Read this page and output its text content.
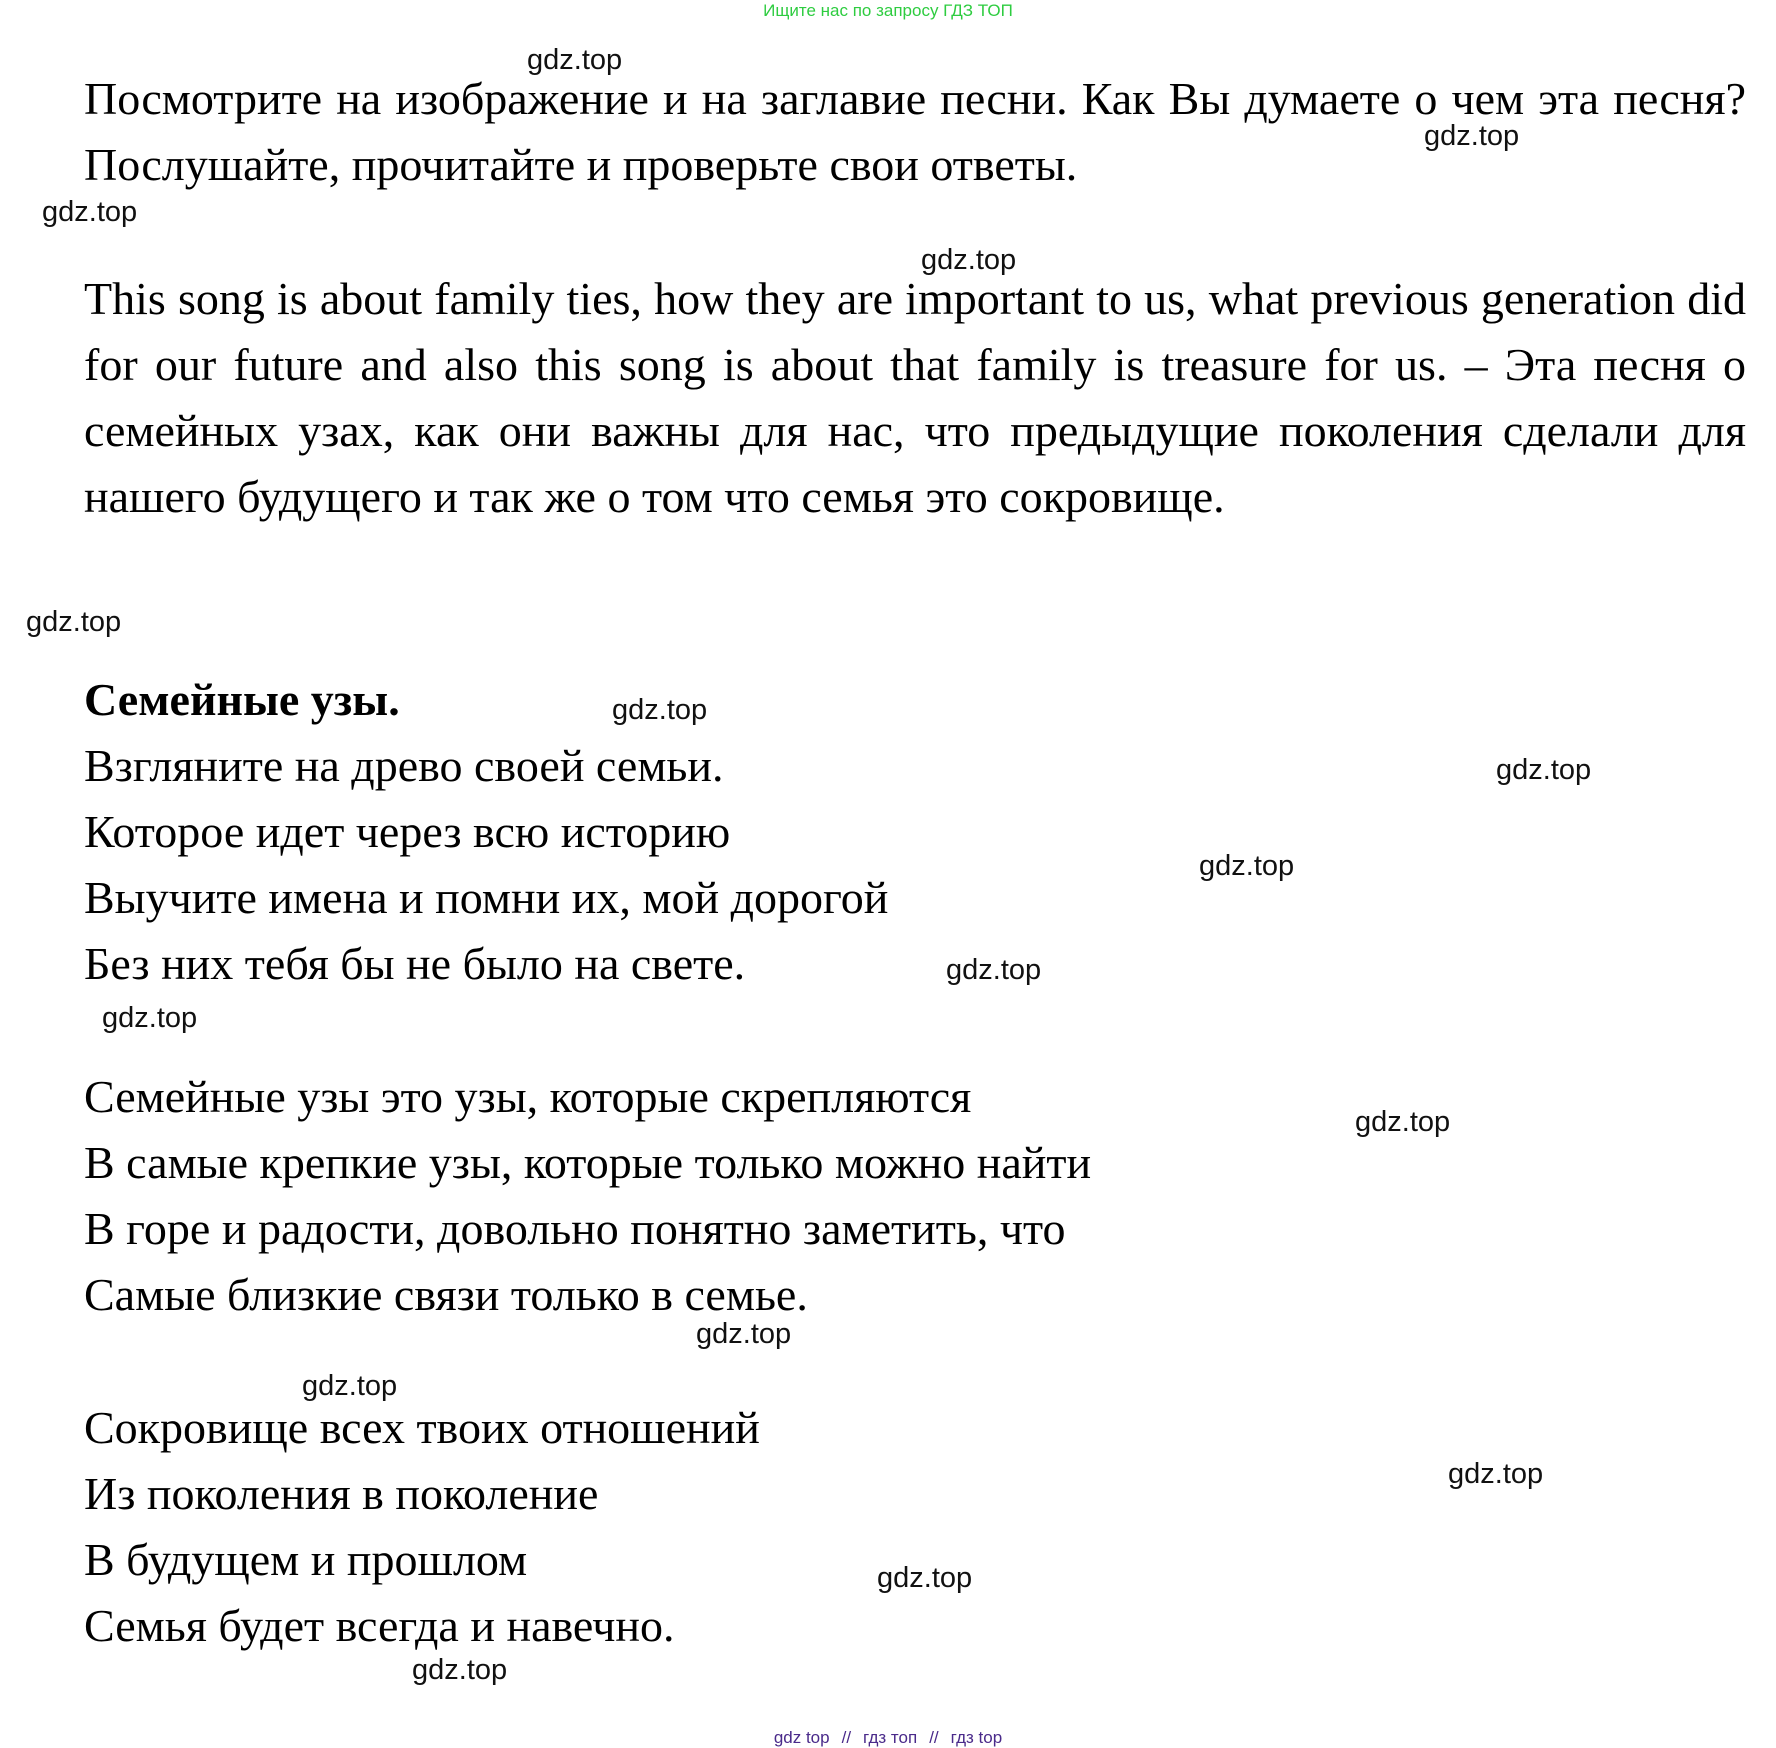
Ищите нас по запросу ГДЗ ТОП

Посмотрите на изображение и на заглавие песни. Как Вы думаете о чем эта песня? Послушайте, прочитайте и проверьте свои ответы.

This song is about family ties, how they are important to us, what previous generation did for our future and also this song is about that family is treasure for us. – Эта песня о семейных узах, как они важны для нас, что предыдущие поколения сделали для нашего будущего и так же о том что семья это сокровище.

Семейные узы.
Взгляните на древо своей семьи.
Которое идет через всю историю
Выучите имена и помни их, мой дорогой
Без них тебя бы не было на свете.
Семейные узы это узы, которые скрепляются
В самые крепкие узы, которые только можно найти
В горе и радости, довольно понятно заметить, что
Самые близкие связи только в семье.
Сокровище всех твоих отношений
Из поколения в поколение
В будущем и прошлом
Семья будет всегда и навечно.
gdz.top
gdz.top
gdz.top
gdz.top
gdz.top
gdz.top
gdz.top
gdz.top
gdz.top
gdz.top
gdz.top
gdz.top
gdz.top
gdz.top
gdz.top
gdz.top
gdz top // гдз топ // гдз top
